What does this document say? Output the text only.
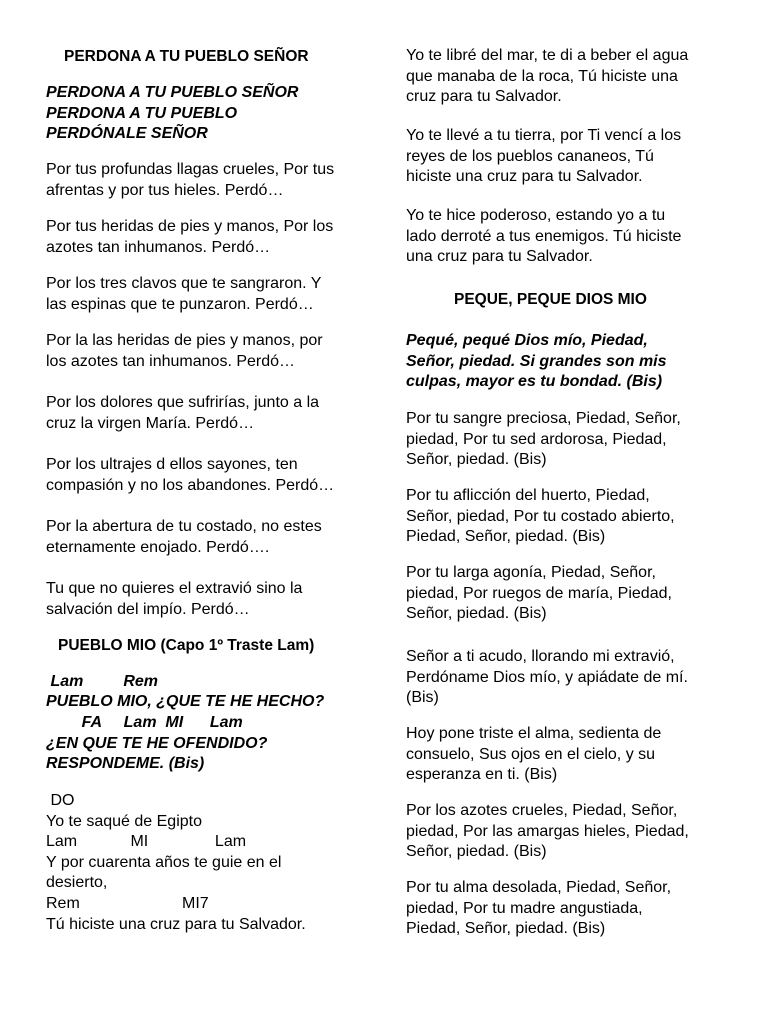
PERDONA A TU PUEBLO SEÑOR
PERDONA A TU PUEBLO SEÑOR
PERDONA A TU PUEBLO
PERDÓNALE SEÑOR
Por tus profundas llagas crueles, Por tus
afrentas y por tus hieles. Perdó…
Por tus heridas de pies y manos, Por los
azotes tan inhumanos. Perdó…
Por los tres clavos que te sangraron. Y
las espinas que te punzaron. Perdó…
Por la las heridas de pies y manos, por
los azotes tan inhumanos. Perdó…
Por los dolores que sufrirías, junto a la
cruz la virgen María. Perdó…
Por los ultrajes d ellos sayones, ten
compasión y no los abandones. Perdó…
Por la abertura de tu costado, no estes
eternamente enojado. Perdó….
Tu que no quieres el extravió sino la
salvación del impío. Perdó…
PUEBLO MIO (Capo 1º Traste Lam)
Lam         Rem
PUEBLO MIO, ¿QUE TE HE HECHO?
FA     Lam  MI      Lam
¿EN QUE TE HE OFENDIDO?
RESPONDEME. (Bis)
DO
Yo te saqué de Egipto
Lam            MI               Lam
Y por cuarenta años te guie en el
desierto,
Rem                       MI7
Tú hiciste una cruz para tu Salvador.
Yo te libré del mar, te di a beber el agua
que manaba de la roca, Tú hiciste una
cruz para tu Salvador.
Yo te llevé a tu tierra, por Ti vencí a los
reyes de los pueblos cananeos, Tú
hiciste una cruz para tu Salvador.
Yo te hice poderoso, estando yo a tu
lado derroté a tus enemigos. Tú hiciste
una cruz para tu Salvador.
PEQUE, PEQUE DIOS MIO
Pequé, pequé Dios mío, Piedad,
Señor, piedad. Si grandes son mis
culpas, mayor es tu bondad. (Bis)
Por tu sangre preciosa, Piedad, Señor,
piedad, Por tu sed ardorosa, Piedad,
Señor, piedad. (Bis)
Por tu aflicción del huerto, Piedad,
Señor, piedad, Por tu costado abierto,
Piedad, Señor, piedad. (Bis)
Por tu larga agonía, Piedad, Señor,
piedad, Por ruegos de maría, Piedad,
Señor, piedad. (Bis)
Señor a ti acudo, llorando mi extravió,
Perdóname Dios mío, y apiádate de mí.
(Bis)
Hoy pone triste el alma, sedienta de
consuelo, Sus ojos en el cielo, y su
esperanza en ti. (Bis)
Por los azotes crueles, Piedad, Señor,
piedad, Por las amargas hieles, Piedad,
Señor, piedad. (Bis)
Por tu alma desolada, Piedad, Señor,
piedad, Por tu madre angustiada,
Piedad, Señor, piedad. (Bis)
